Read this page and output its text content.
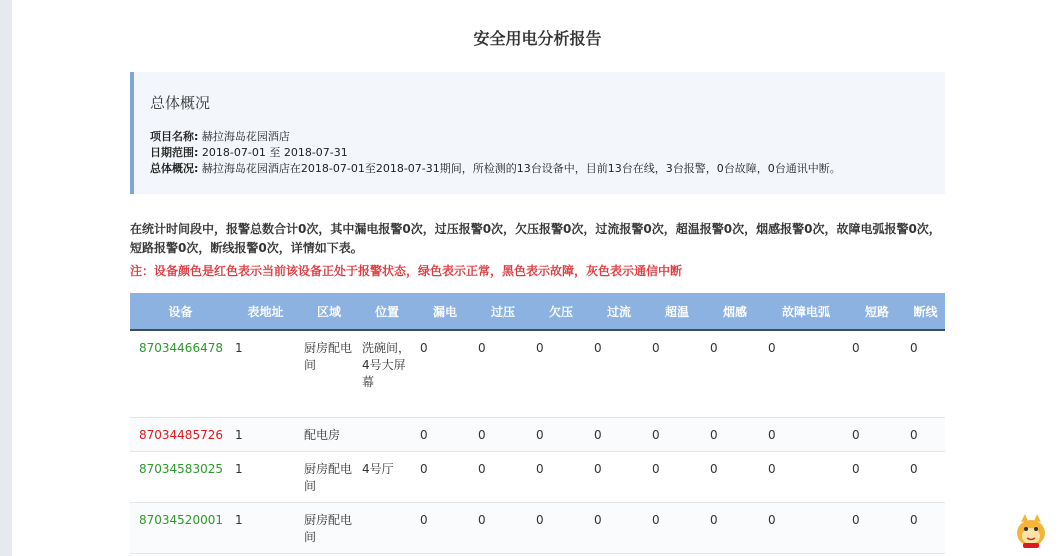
安全用电分析报告
总体概况
项目名称: 赫拉海岛花园酒店
日期范围: 2018-07-01 至 2018-07-31
总体概况: 赫拉海岛花园酒店在2018-07-01至2018-07-31期间，所检测的13台设备中，目前13台在线，3台报警，0台故障，0台通讯中断。
在统计时间段中，报警总数合计0次，其中漏电报警0次，过压报警0次，欠压报警0次，过流报警0次，超温报警0次，烟感报警0次，故障电弧报警0次，短路报警0次，断线报警0次，详情如下表。
注：设备颜色是红色表示当前该设备正处于报警状态，绿色表示正常，黑色表示故障，灰色表示通信中断
设备	表地址	区域	位置	漏电	过压	欠压	过流	超温	烟感	故障电弧	短路	断线
87034466478	1	厨房配电间	洗碗间，4号大屏幕	0	0	0	0	0	0	0	0	0
87034485726	1	配电房		0	0	0	0	0	0	0	0	0
87034583025	1	厨房配电间	4号厅	0	0	0	0	0	0	0	0	0
87034520001	1	厨房配电间		0	0	0	0	0	0	0	0	0
